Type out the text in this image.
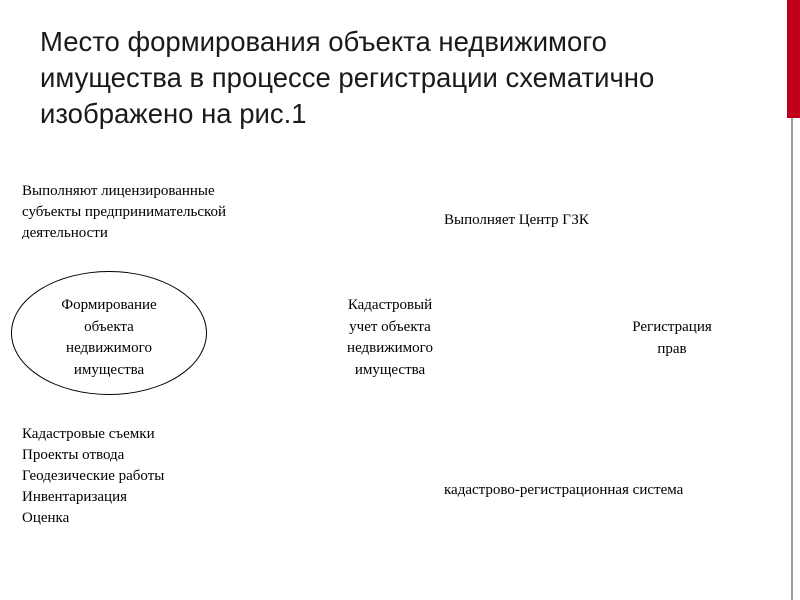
Место формирования объекта недвижимого
имущества в процессе регистрации схематично
изображено на рис.1
Выполняют лицензированные
субъекты предпринимательской
деятельности
Выполняет Центр ГЗК
Формирование
объекта
недвижимого
имущества
Кадастровый
учет объекта
недвижимого
имущества
Регистрация
прав
Кадастровые съемки
Проекты отвода
Геодезические работы
Инвентаризация
Оценка
кадастрово-регистрационная система
